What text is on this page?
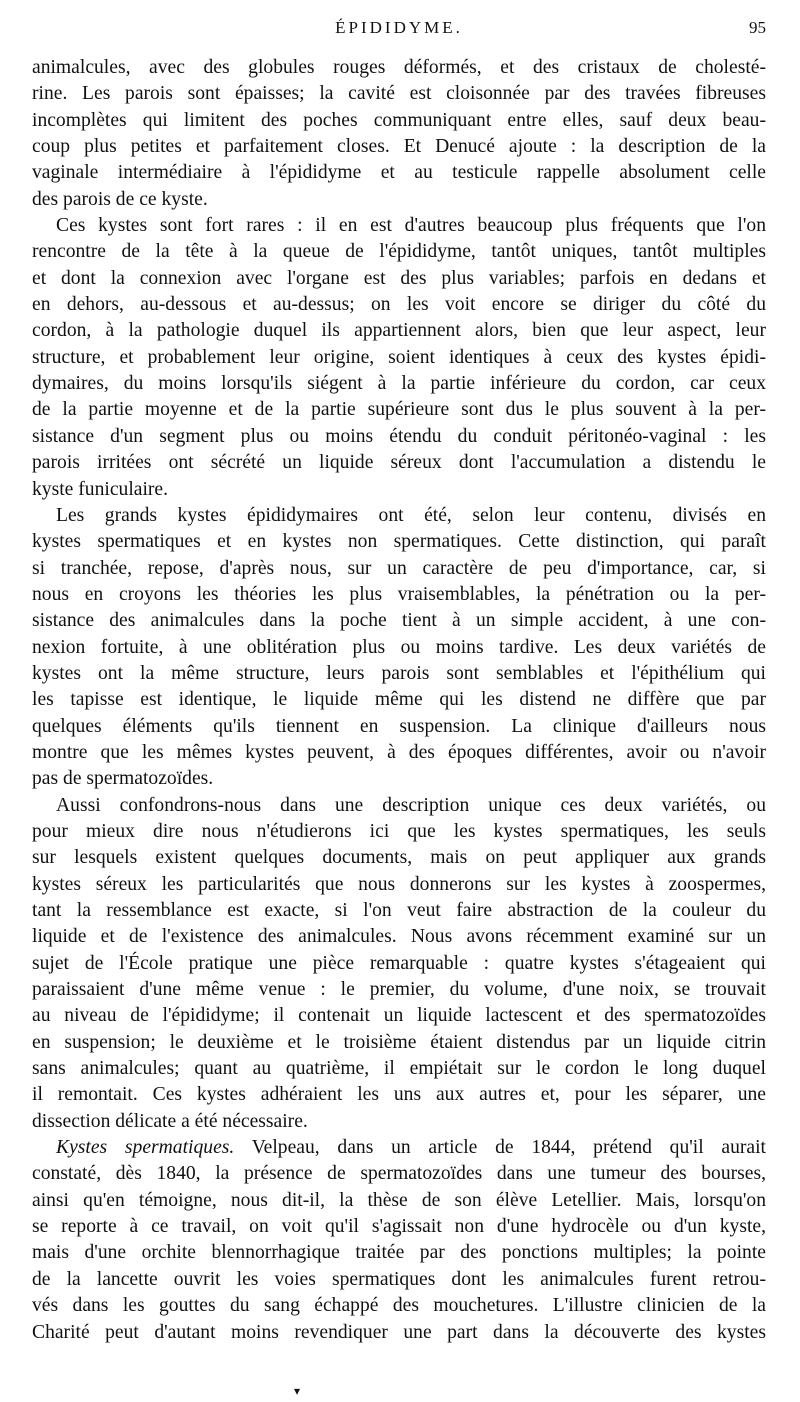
ÉPIDIDYME.	95
animalcules, avec des globules rouges déformés, et des cristaux de cholesté-
rine. Les parois sont épaisses; la cavité est cloisonnée par des travées fibreuses
incomplètes qui limitent des poches communiquant entre elles, sauf deux beau-
coup plus petites et parfaitement closes. Et Denucé ajoute : la description de la
vaginale intermédiaire à l'épididyme et au testicule rappelle absolument celle
des parois de ce kyste.
Ces kystes sont fort rares : il en est d'autres beaucoup plus fréquents que l'on
rencontre de la tête à la queue de l'épididyme, tantôt uniques, tantôt multiples
et dont la connexion avec l'organe est des plus variables; parfois en dedans et
en dehors, au-dessous et au-dessus; on les voit encore se diriger du côté du
cordon, à la pathologie duquel ils appartiennent alors, bien que leur aspect, leur
structure, et probablement leur origine, soient identiques à ceux des kystes épidi-
dymaires, du moins lorsqu'ils siégent à la partie inférieure du cordon, car ceux
de la partie moyenne et de la partie supérieure sont dus le plus souvent à la per-
sistance d'un segment plus ou moins étendu du conduit péritonéo-vaginal : les
parois irritées ont sécrété un liquide séreux dont l'accumulation a distendu le
kyste funiculaire.
Les grands kystes épididymaires ont été, selon leur contenu, divisés en
kystes spermatiques et en kystes non spermatiques. Cette distinction, qui paraît
si tranchée, repose, d'après nous, sur un caractère de peu d'importance, car, si
nous en croyons les théories les plus vraisemblables, la pénétration ou la per-
sistance des animalcules dans la poche tient à un simple accident, à une con-
nexion fortuite, à une oblitération plus ou moins tardive. Les deux variétés de
kystes ont la même structure, leurs parois sont semblables et l'épithélium qui
les tapisse est identique, le liquide même qui les distend ne diffère que par
quelques éléments qu'ils tiennent en suspension. La clinique d'ailleurs nous
montre que les mêmes kystes peuvent, à des époques différentes, avoir ou n'avoir
pas de spermatozoïdes.
Aussi confondrons-nous dans une description unique ces deux variétés, ou
pour mieux dire nous n'étudierons ici que les kystes spermatiques, les seuls
sur lesquels existent quelques documents, mais on peut appliquer aux grands
kystes séreux les particularités que nous donnerons sur les kystes à zoospermes,
tant la ressemblance est exacte, si l'on veut faire abstraction de la couleur du
liquide et de l'existence des animalcules. Nous avons récemment examiné sur un
sujet de l'École pratique une pièce remarquable : quatre kystes s'étageaient qui
paraissaient d'une même venue : le premier, du volume, d'une noix, se trouvait
au niveau de l'épididyme; il contenait un liquide lactescent et des spermatozoïdes
en suspension; le deuxième et le troisième étaient distendus par un liquide citrin
sans animalcules; quant au quatrième, il empiétait sur le cordon le long duquel
il remontait. Ces kystes adhéraient les uns aux autres et, pour les séparer, une
dissection délicate a été nécessaire.
Kystes spermatiques. Velpeau, dans un article de 1844, prétend qu'il aurait
constaté, dès 1840, la présence de spermatozoïdes dans une tumeur des bourses,
ainsi qu'en témoigne, nous dit-il, la thèse de son élève Letellier. Mais, lorsqu'on
se reporte à ce travail, on voit qu'il s'agissait non d'une hydrocèle ou d'un kyste,
mais d'une orchite blennorrhagique traitée par des ponctions multiples; la pointe
de la lancette ouvrit les voies spermatiques dont les animalcules furent retrou-
vés dans les gouttes du sang échappé des mouchetures. L'illustre clinicien de la
Charité peut d'autant moins revendiquer une part dans la découverte des kystes
▾
